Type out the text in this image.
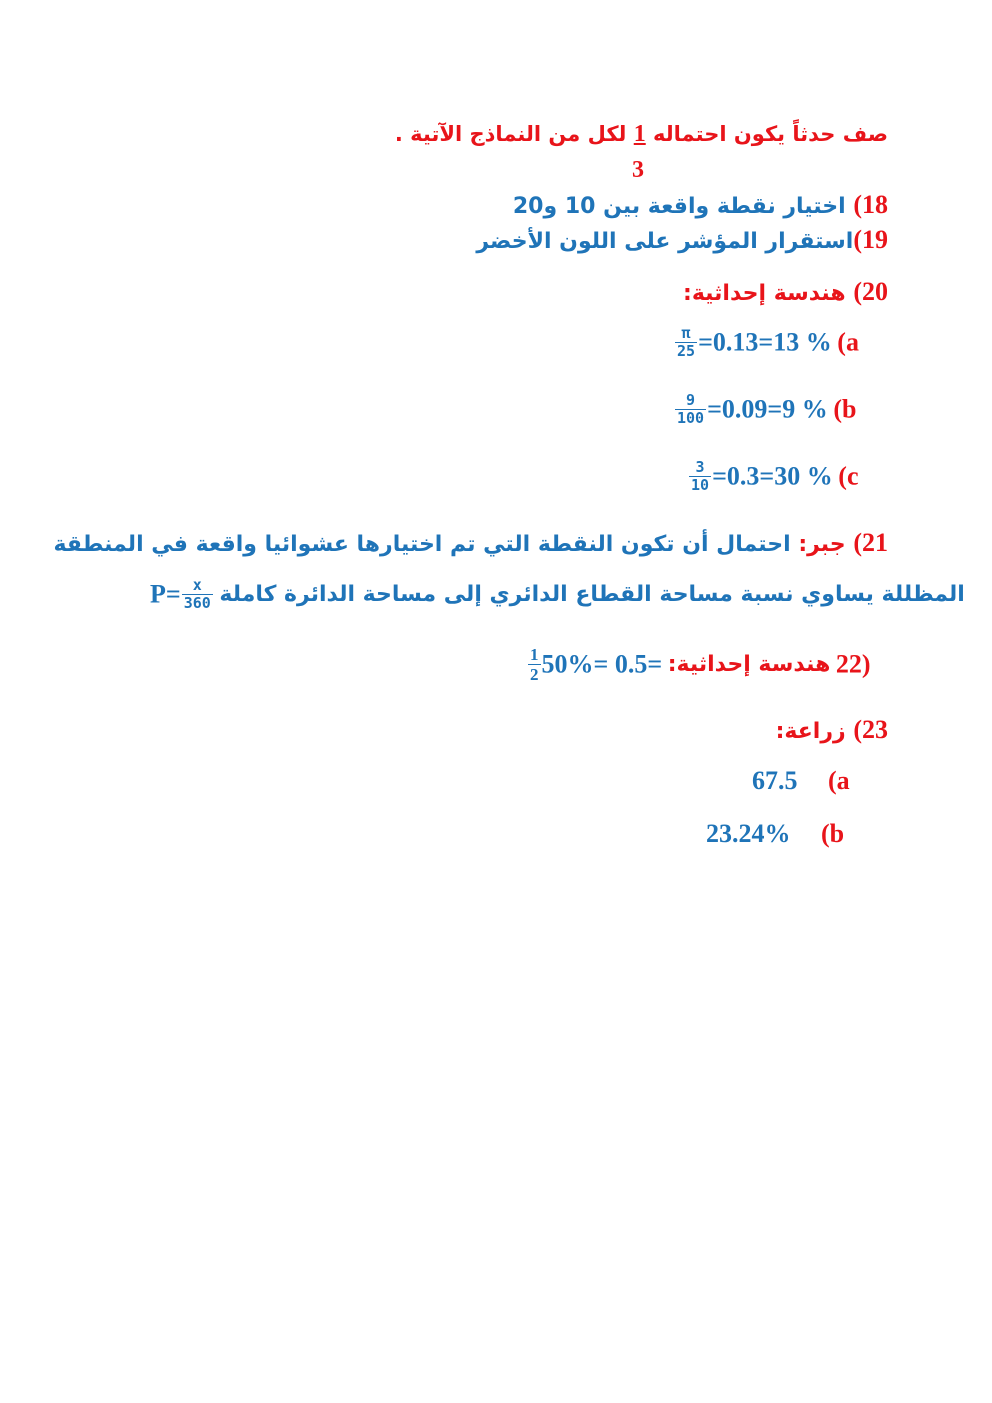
صف حدثاً يكون احتماله 1 لكل من النماذج الآتية .
3
18) اختيار نقطة واقعة بين 10 و20
19)استقرار المؤشر على اللون الأخضر
20) هندسة إحداثية:
$\frac{\pi}{25} =0.13=13$ % (a
$\frac{9}{100} =0.09=9$ % (b
$\frac{3}{10} =0.3=30$ % (c
21) جبر: احتمال أن تكون النقطة التي تم اختيارها عشوائيا واقعة في المنطقة
$P= \frac{x}{360}$ المظللة يساوي نسبة مساحة القطاع الدائري إلى مساحة الدائرة كاملة
$\frac{1}{2} 50\%= 0.5=$ هندسة إحداثية: 22)
23) زراعة:
67.5 (a
23.24% (b
